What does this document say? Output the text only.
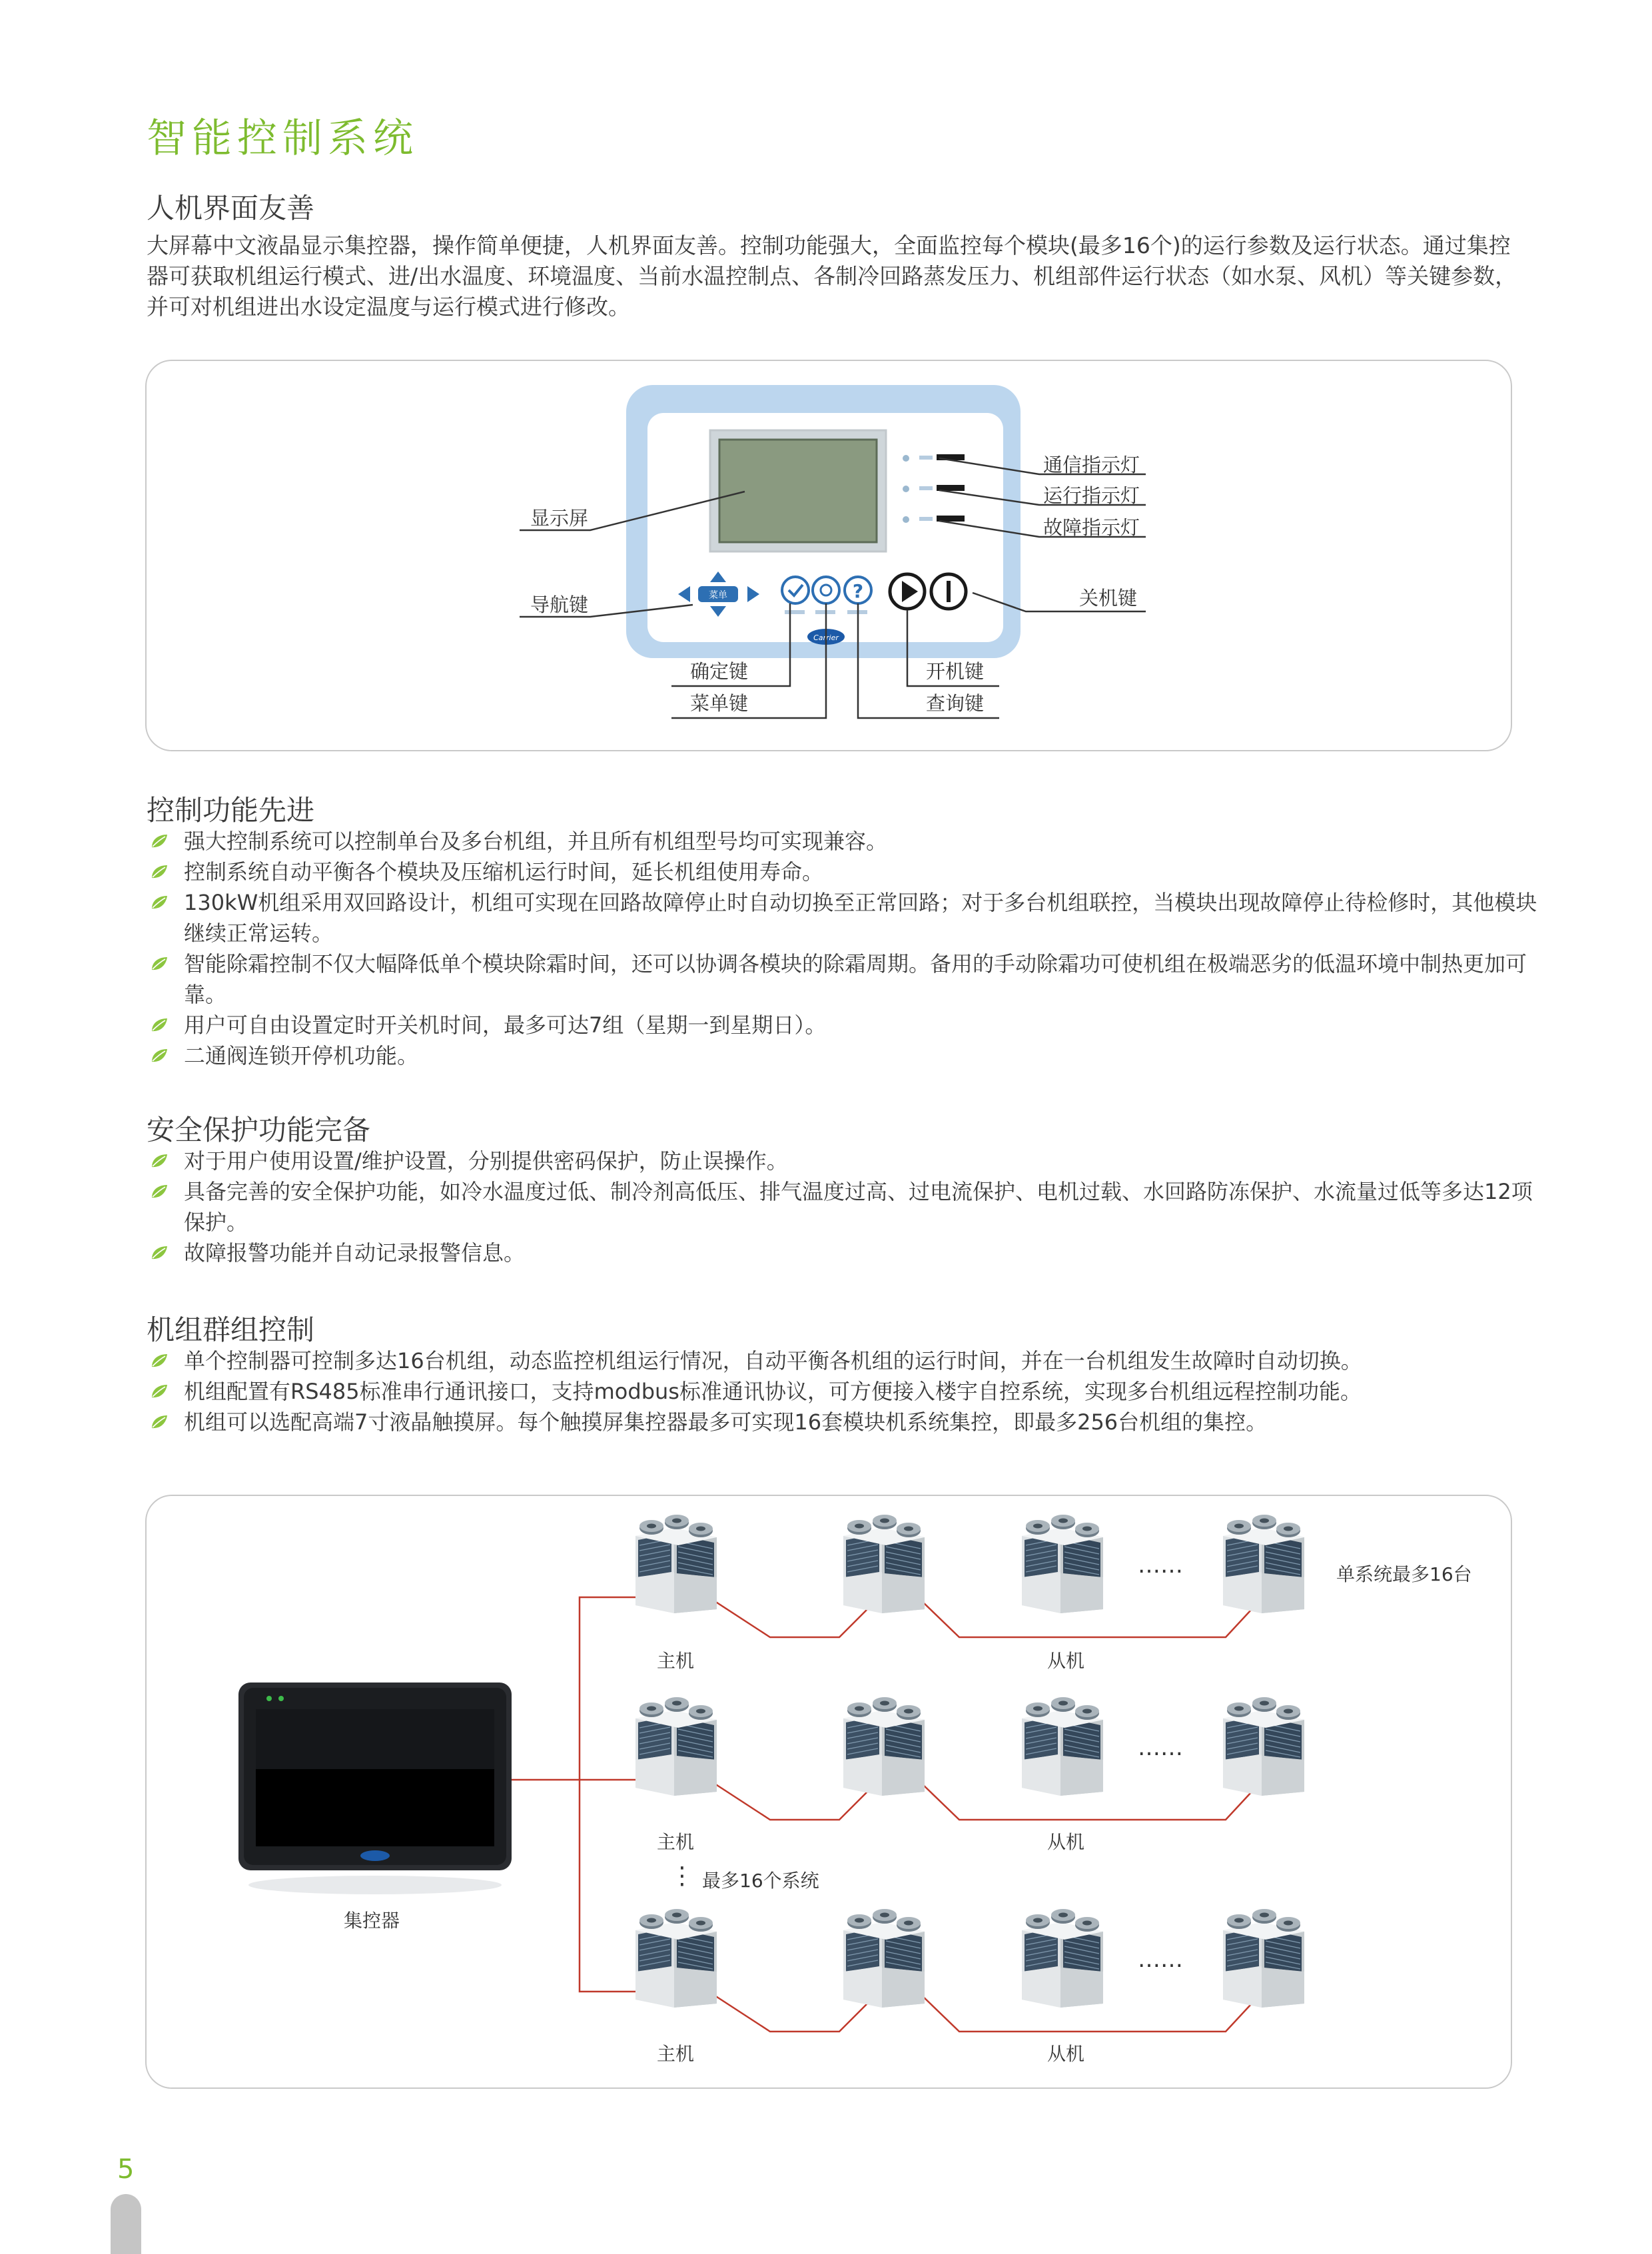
智能控制系统
人机界面友善
大屏幕中文液晶显示集控器，操作简单便捷，人机界面友善。控制功能强大，全面监控每个模块(最多16个)的运行参数及运行状态。通过集控器可获取机组运行模式、进/出水温度、环境温度、当前水温控制点、各制冷回路蒸发压力、机组部件运行状态（如水泵、风机）等关键参数，并可对机组进出水设定温度与运行模式进行修改。
菜单	?
Carrier
显示屏
导航键
通信指示灯
运行指示灯
故障指示灯
关机键
确定键
菜单键
开机键
查询键
控制功能先进
强大控制系统可以控制单台及多台机组，并且所有机组型号均可实现兼容。
控制系统自动平衡各个模块及压缩机运行时间，延长机组使用寿命。
130kW机组采用双回路设计，机组可实现在回路故障停止时自动切换至正常回路；对于多台机组联控，当模块出现故障停止待检修时，其他模块继续正常运转。
智能除霜控制不仅大幅降低单个模块除霜时间，还可以协调各模块的除霜周期。备用的手动除霜功可使机组在极端恶劣的低温环境中制热更加可靠。
用户可自由设置定时开关机时间，最多可达7组（星期一到星期日）。
二通阀连锁开停机功能。
安全保护功能完备
对于用户使用设置/维护设置，分别提供密码保护，防止误操作。
具备完善的安全保护功能，如冷水温度过低、制冷剂高低压、排气温度过高、过电流保护、电机过载、水回路防冻保护、水流量过低等多达12项保护。
故障报警功能并自动记录报警信息。
机组群组控制
单个控制器可控制多达16台机组，动态监控机组运行情况，自动平衡各机组的运行时间，并在一台机组发生故障时自动切换。
机组配置有RS485标准串行通讯接口，支持modbus标准通讯协议，可方便接入楼宇自控系统，实现多台机组远程控制功能。
机组可以选配高端7寸液晶触摸屏。每个触摸屏集控器最多可实现16套模块机系统集控，即最多256台机组的集控。
……
……
……
单系统最多16台
主机	从机
主机	从机
⋮ 最多16个系统
主机	从机
集控器
5
